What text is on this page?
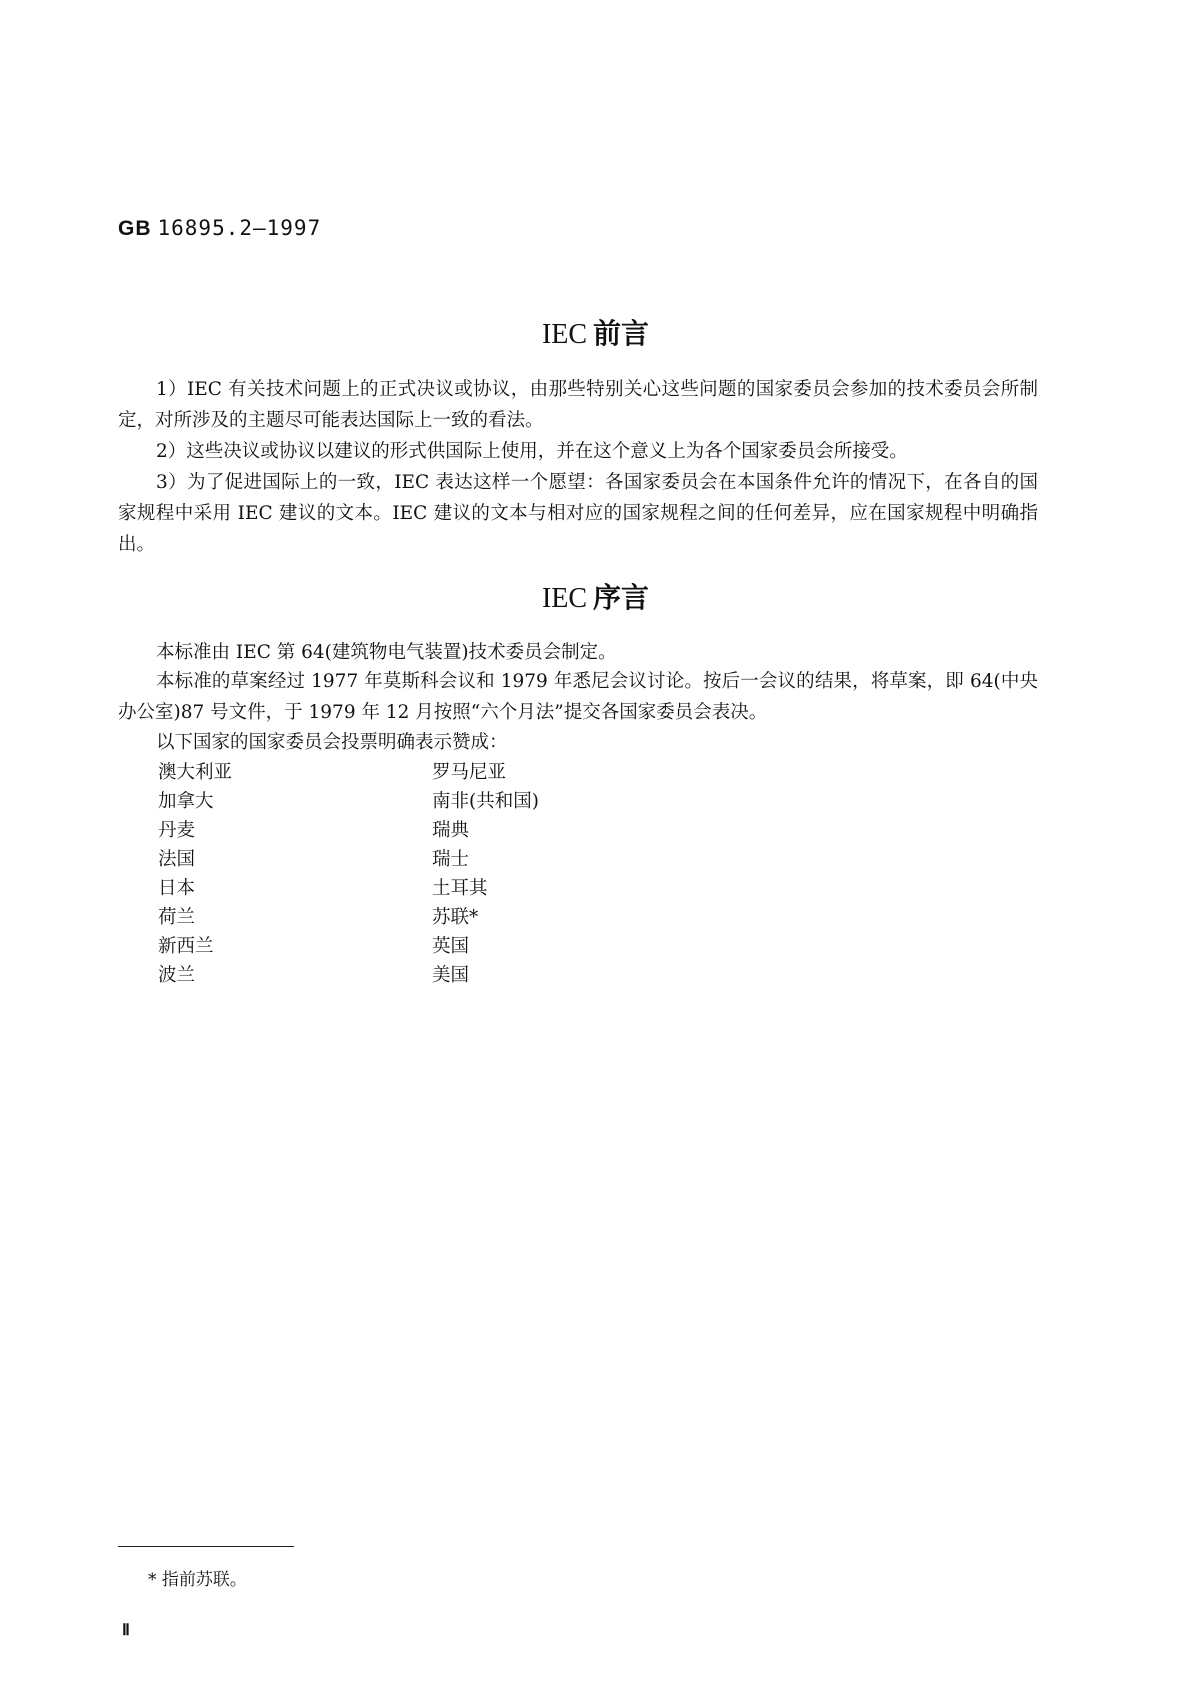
GB 16895.2—1997
IEC 前言

1）IEC 有关技术问题上的正式决议或协议，由那些特别关心这些问题的国家委员会参加的技术委员会所制定，对所涉及的主题尽可能表达国际上一致的看法。

2）这些决议或协议以建议的形式供国际上使用，并在这个意义上为各个国家委员会所接受。

3）为了促进国际上的一致，IEC 表达这样一个愿望：各国家委员会在本国条件允许的情况下，在各自的国家规程中采用 IEC 建议的文本。IEC 建议的文本与相对应的国家规程之间的任何差异，应在国家规程中明确指出。

IEC 序言

本标准由 IEC 第 64(建筑物电气装置)技术委员会制定。

本标准的草案经过 1977 年莫斯科会议和 1979 年悉尼会议讨论。按后一会议的结果，将草案，即 64(中央办公室)87 号文件，于 1979 年 12 月按照“六个月法”提交各国家委员会表决。

以下国家的国家委员会投票明确表示赞成：

澳大利亚
加拿大
丹麦
法国
日本
荷兰
新西兰
波兰
罗马尼亚
南非(共和国)
瑞典
瑞士
土耳其
苏联*
英国
美国
* 指前苏联。
Ⅱ
